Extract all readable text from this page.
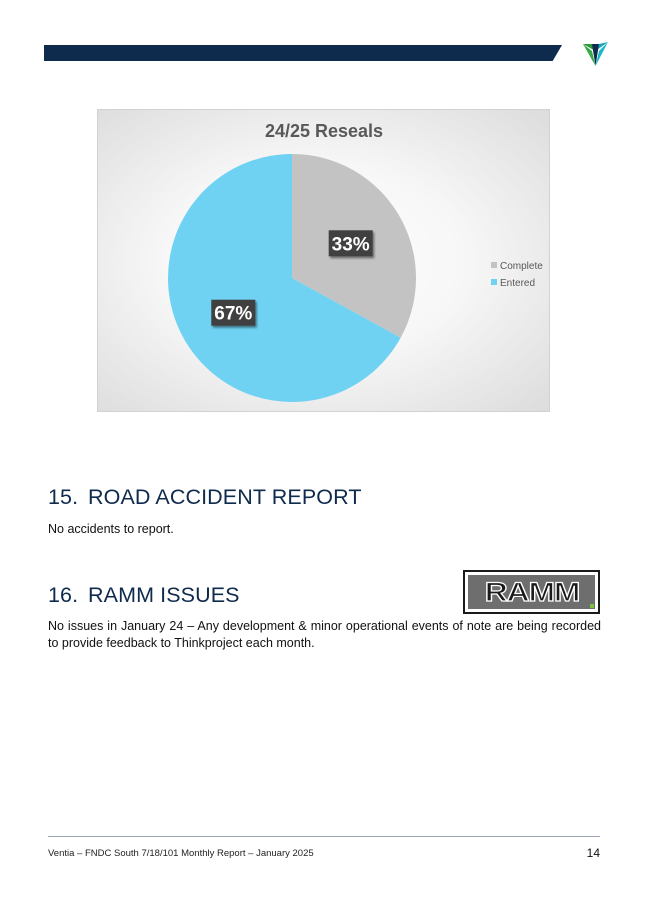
24/25 Reseals
33%
67%
Complete
Entered
15. ROAD ACCIDENT REPORT

No accidents to report.

16. RAMM ISSUES	RAMM

No issues in January 24 – Any development & minor operational events of note are being recorded to provide feedback to Thinkproject each month.

Ventia – FNDC South 7/18/101 Monthly Report – January 2025	14
